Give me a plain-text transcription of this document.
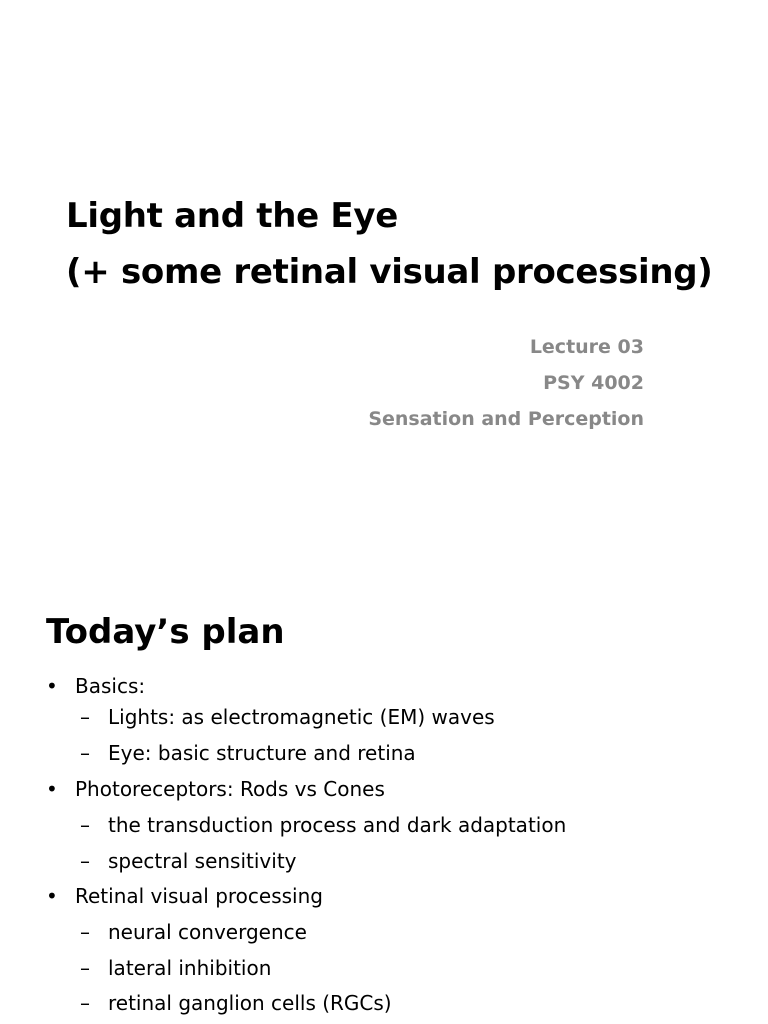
Light and the Eye
(+ some retinal visual processing)
Lecture 03
PSY 4002
Sensation and Perception
Today’s plan
• Basics:
– Lights: as electromagnetic (EM) waves
– Eye: basic structure and retina
• Photoreceptors: Rods vs Cones
– the transduction process and dark adaptation
– spectral sensitivity
• Retinal visual processing
– neural convergence
– lateral inhibition
– retinal ganglion cells (RGCs)
